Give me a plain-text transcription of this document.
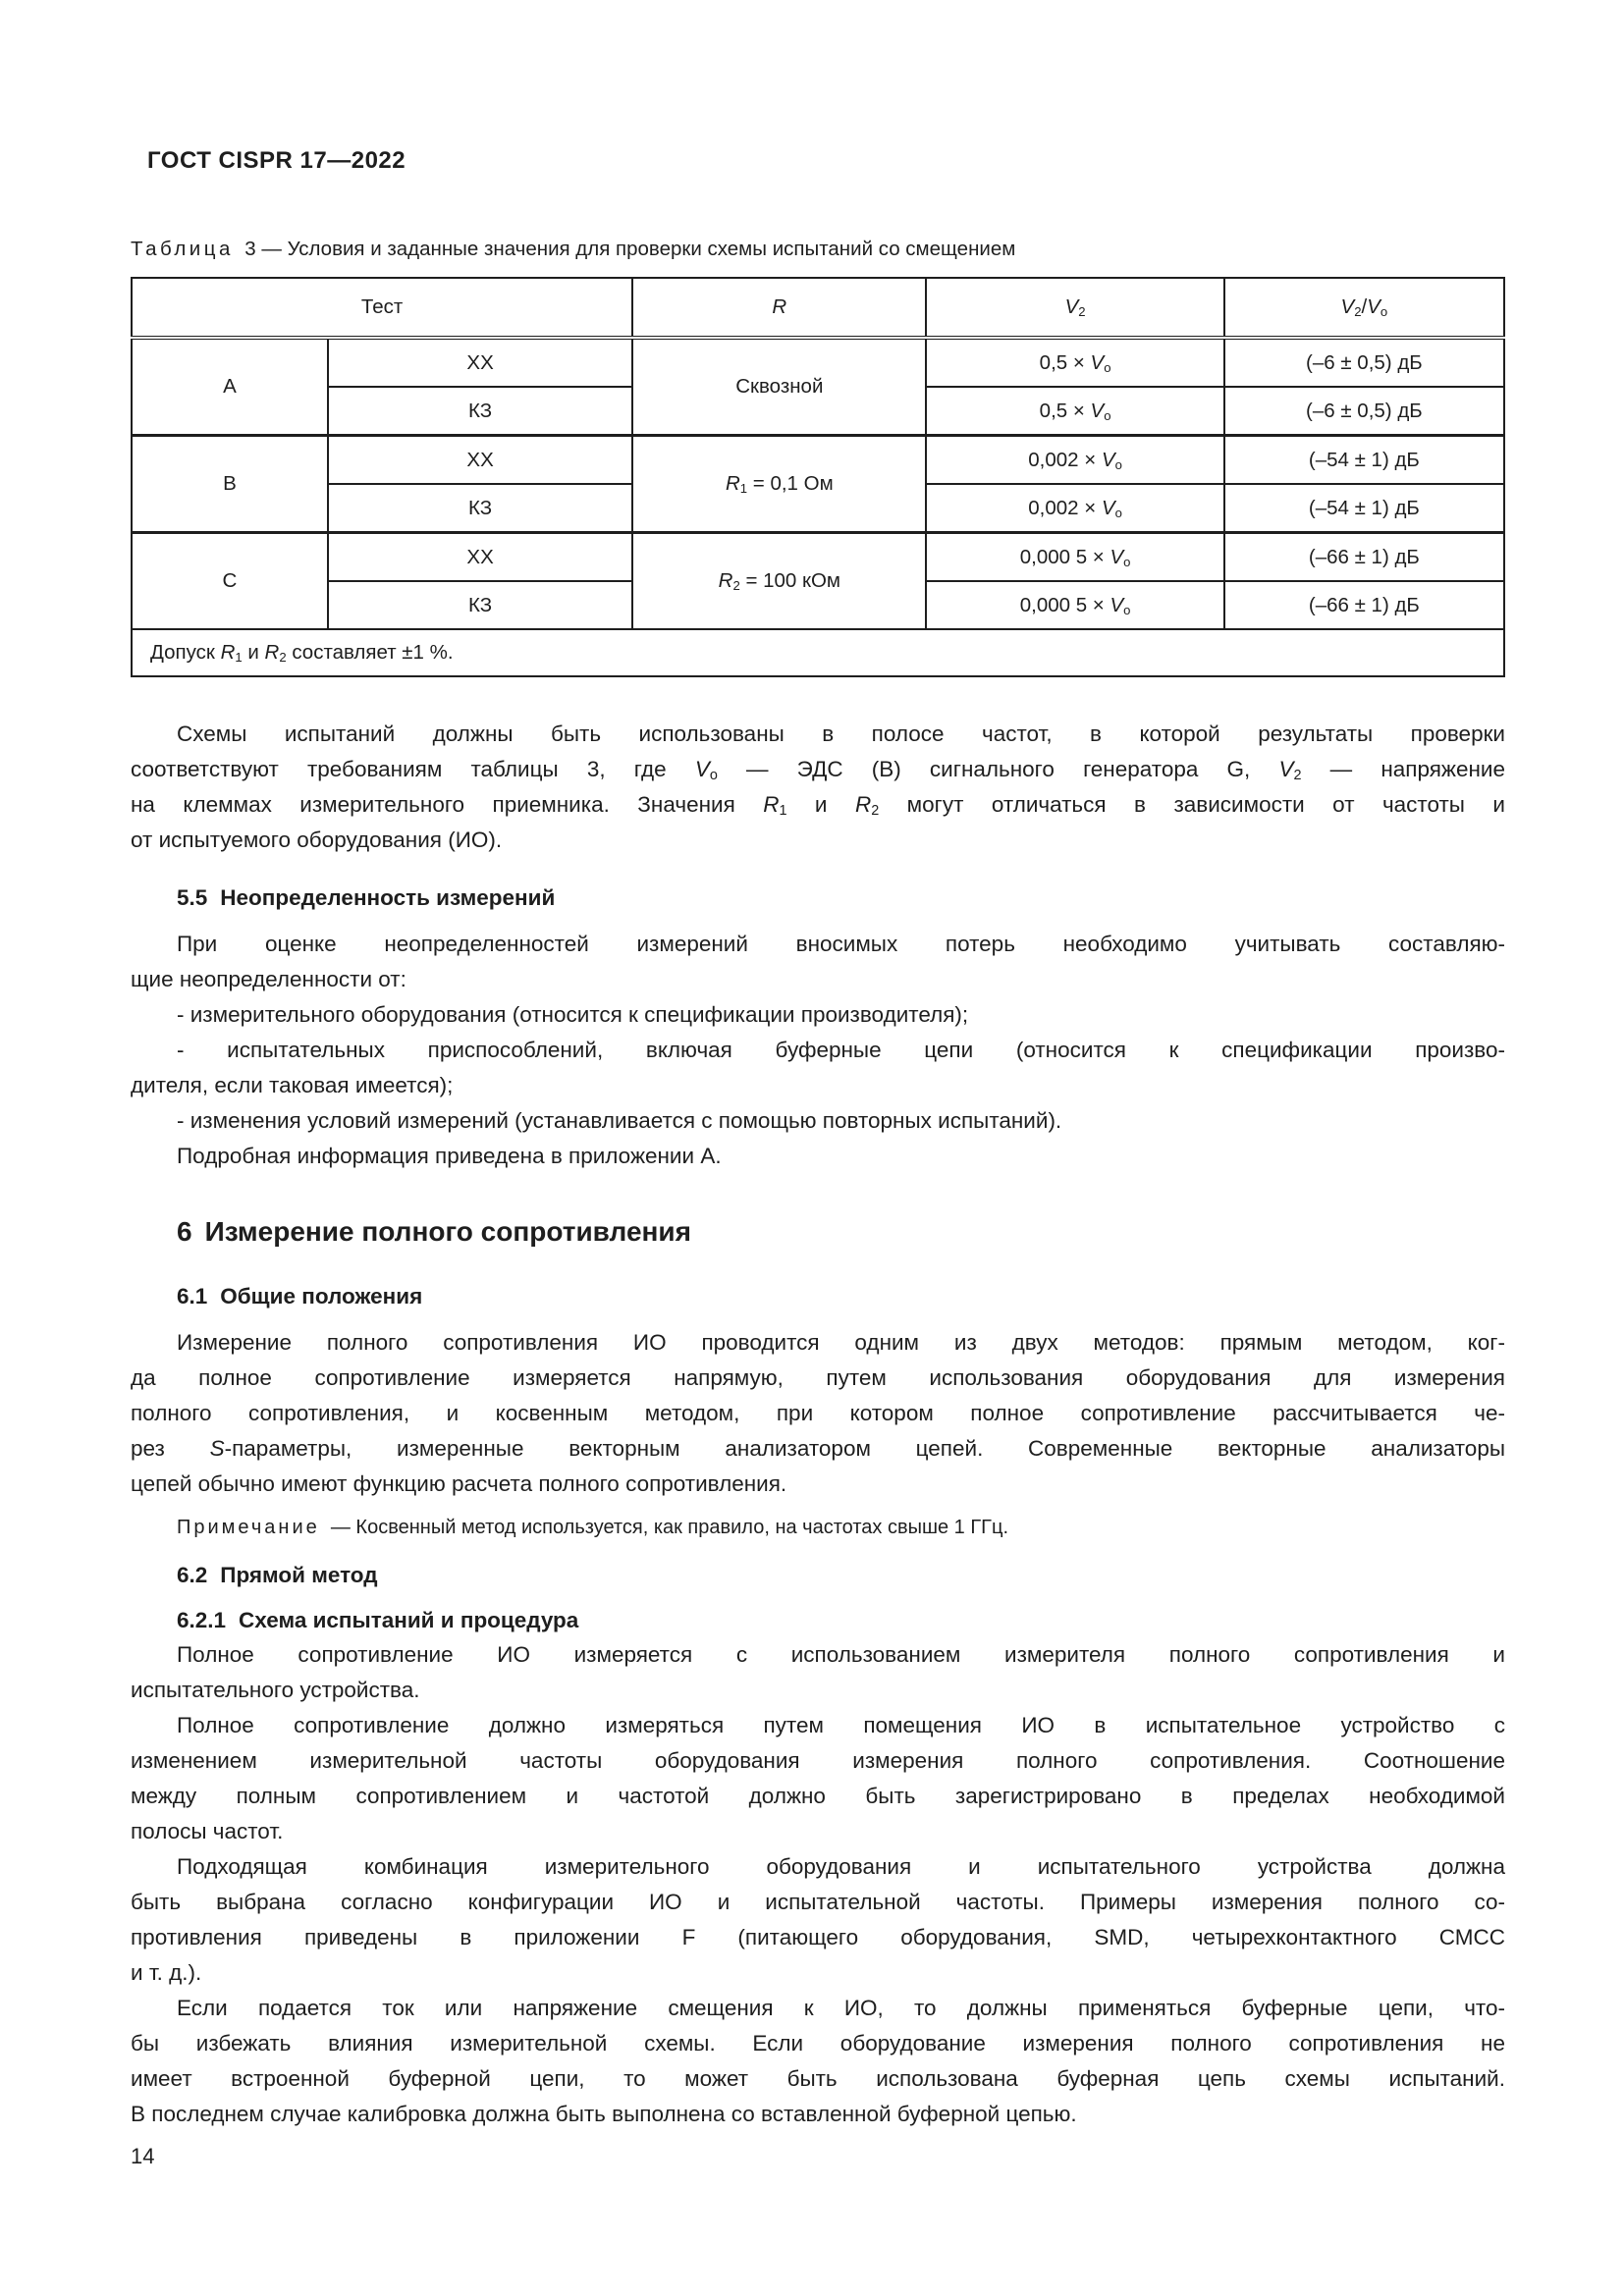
ГОСТ CISPR 17—2022
Таблица  3 — Условия и заданные значения для проверки схемы испытаний со смещением
Тест		R	V2	V2/Vо

A	ХХ	Сквозной	0,5 × Vо	(–6 ± 0,5) дБ

	КЗ		0,5 × Vо	(–6 ± 0,5) дБ

B	ХХ	R1 = 0,1 Ом	0,002 × Vо	(–54 ± 1) дБ

	КЗ		0,002 × Vо	(–54 ± 1) дБ

C	ХХ	R2 = 100 кОм	0,000 5 × Vо	(–66 ± 1) дБ

	КЗ		0,000 5 × Vо	(–66 ± 1) дБ

Допуск R1 и R2 составляет ±1 %.				
Схемы испытаний должны быть использованы в полосе частот, в которой результаты проверки
соответствуют требованиям таблицы 3, где Vо — ЭДС (В) сигнального генератора G, V2 — напряжение
на клеммах измерительного приемника. Значения R1 и R2 могут отличаться в зависимости от частоты и
от испытуемого оборудования (ИО).
5.5 Неопределенность измерений
При оценке неопределенностей измерений вносимых потерь необходимо учитывать составляю-
щие неопределенности от:
- измерительного оборудования (относится к спецификации производителя);
- испытательных приспособлений, включая буферные цепи (относится к спецификации произво-
дителя, если таковая имеется);
- изменения условий измерений (устанавливается с помощью повторных испытаний).
Подробная информация приведена в приложении А.
6 Измерение полного сопротивления
6.1 Общие положения
Измерение полного сопротивления ИО проводится одним из двух методов: прямым методом, ког-
да полное сопротивление измеряется напрямую, путем использования оборудования для измерения
полного сопротивления, и косвенным методом, при котором полное сопротивление рассчитывается че-
рез S-параметры, измеренные векторным анализатором цепей. Современные векторные анализаторы
цепей обычно имеют функцию расчета полного сопротивления.
Примечание  — Косвенный метод используется, как правило, на частотах свыше 1 ГГц.
6.2 Прямой метод
6.2.1 Схема испытаний и процедура
Полное сопротивление ИО измеряется с использованием измерителя полного сопротивления и
испытательного устройства.
Полное сопротивление должно измеряться путем помещения ИО в испытательное устройство с
изменением измерительной частоты оборудования измерения полного сопротивления. Соотношение
между полным сопротивлением и частотой должно быть зарегистрировано в пределах необходимой
полосы частот.
Подходящая комбинация измерительного оборудования и испытательного устройства должна
быть выбрана согласно конфигурации ИО и испытательной частоты. Примеры измерения полного со-
противления приведены в приложении F (питающего оборудования, SMD, четырехконтактного СМСС
и т. д.).
Если подается ток или напряжение смещения к ИО, то должны применяться буферные цепи, что-
бы избежать влияния измерительной схемы. Если оборудование измерения полного сопротивления не
имеет встроенной буферной цепи, то может быть использована буферная цепь схемы испытаний.
В последнем случае калибровка должна быть выполнена со вставленной буферной цепью.
14
